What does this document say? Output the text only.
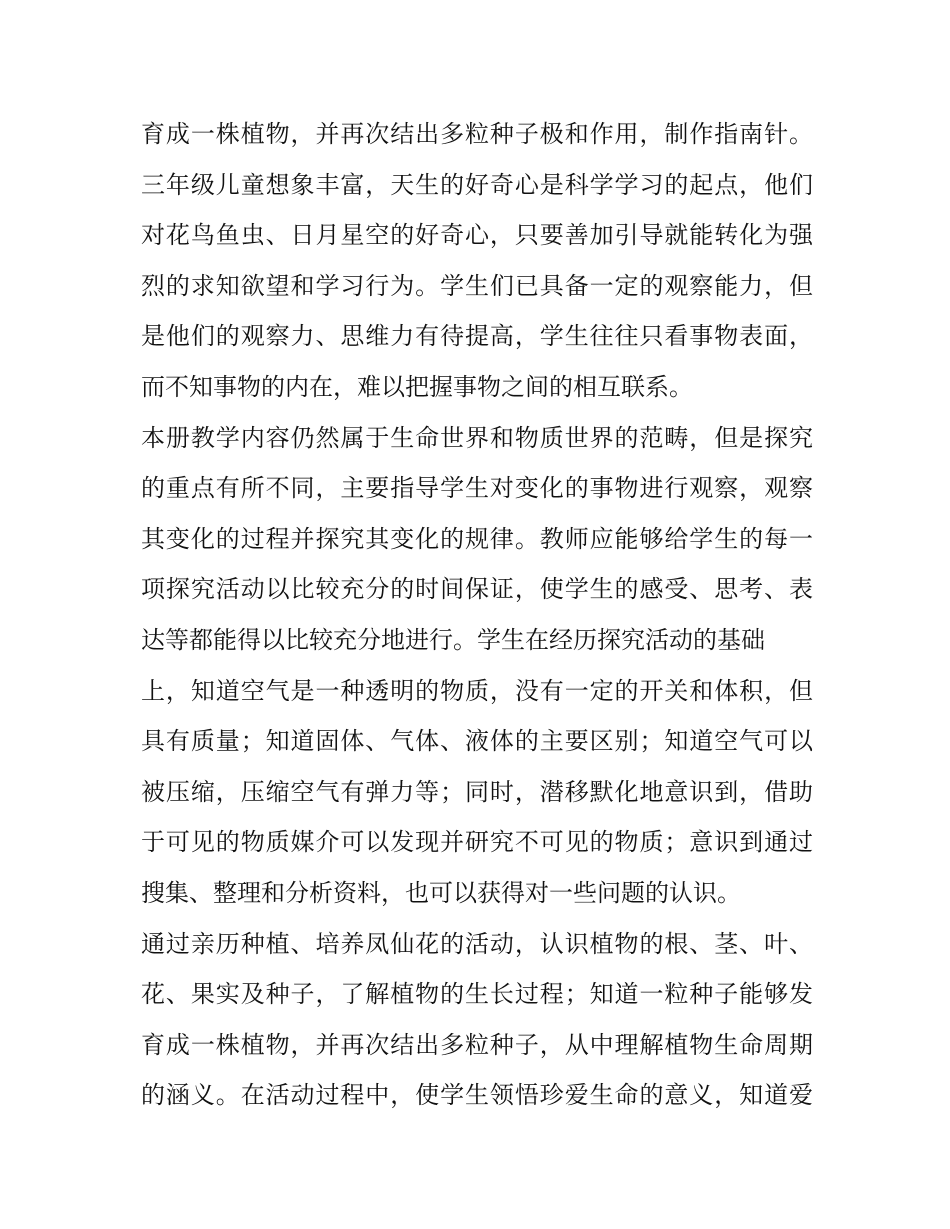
育成一株植物，并再次结出多粒种子极和作用，制作指南针。
三年级儿童想象丰富，天生的好奇心是科学学习的起点，他们
对花鸟鱼虫、日月星空的好奇心，只要善加引导就能转化为强
烈的求知欲望和学习行为。学生们已具备一定的观察能力，但
是他们的观察力、思维力有待提高，学生往往只看事物表面，
而不知事物的内在，难以把握事物之间的相互联系。
本册教学内容仍然属于生命世界和物质世界的范畴，但是探究
的重点有所不同，主要指导学生对变化的事物进行观察，观察
其变化的过程并探究其变化的规律。教师应能够给学生的每一
项探究活动以比较充分的时间保证，使学生的感受、思考、表
达等都能得以比较充分地进行。学生在经历探究活动的基础
上，知道空气是一种透明的物质，没有一定的开关和体积，但
具有质量；知道固体、气体、液体的主要区别；知道空气可以
被压缩，压缩空气有弹力等；同时，潜移默化地意识到，借助
于可见的物质媒介可以发现并研究不可见的物质；意识到通过
搜集、整理和分析资料，也可以获得对一些问题的认识。
通过亲历种植、培养凤仙花的活动，认识植物的根、茎、叶、
花、果实及种子，了解植物的生长过程；知道一粒种子能够发
育成一株植物，并再次结出多粒种子，从中理解植物生命周期
的涵义。在活动过程中，使学生领悟珍爱生命的意义，知道爱
